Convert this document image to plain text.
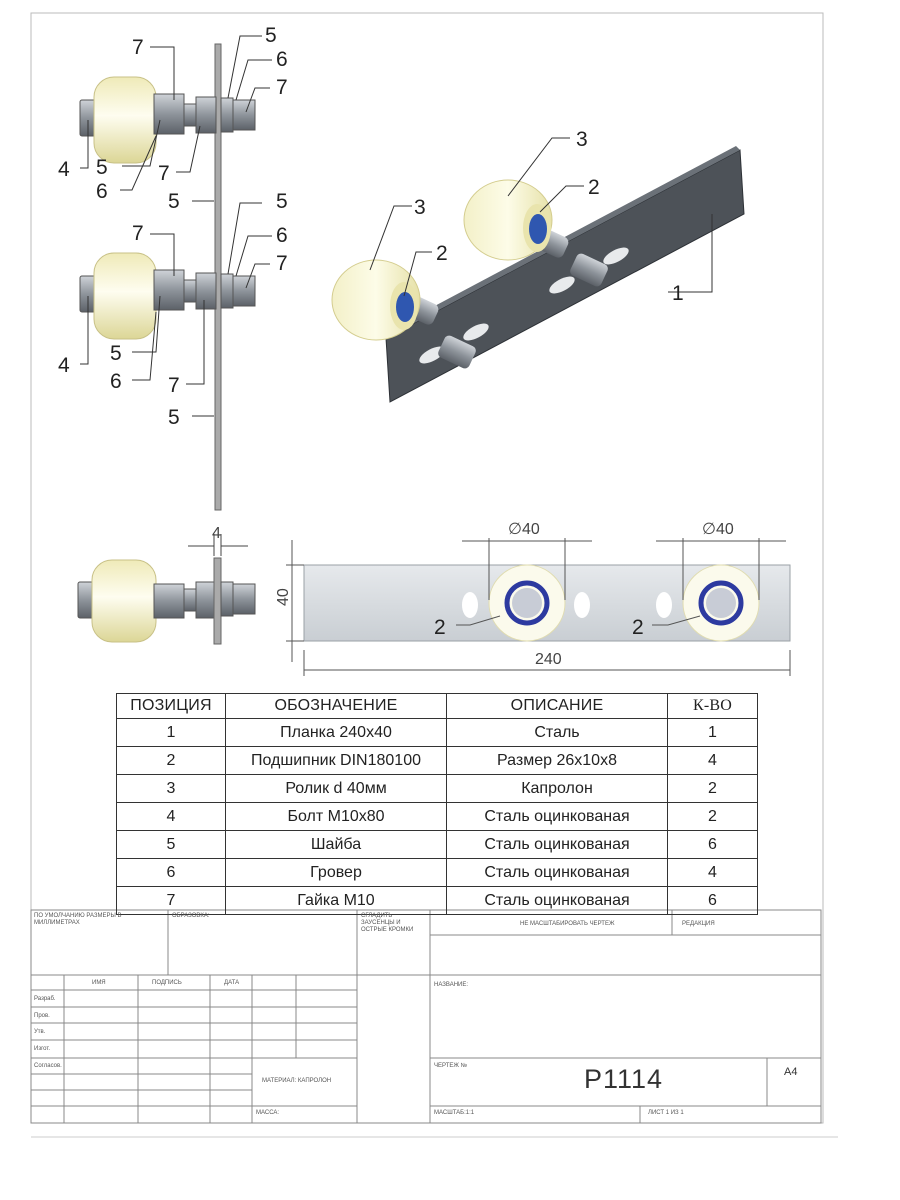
7
5
6
7
4 5
6
7
5
7
5
6
7
4
5
6 7
5
3
3
2
2
1
4	∅40	∅40
40
240
2	2
ПОЗИЦИЯ	ОБОЗНАЧЕНИЕ	ОПИСАНИЕ	К-ВО
1	Планка 240x40	Сталь	1
2	Подшипник DIN180100	Размер 26x10x8	4
3	Ролик d 40мм	Капролон	2
4	Болт М10x80	Сталь оцинкованая	2
5	Шайба	Сталь оцинкованая	6
6	Гровер	Сталь оцинкованая	4
7	Гайка М10	Сталь оцинкованая	6
ПО УМОЛЧАНИЮ РАЗМЕРЫ В МИЛЛИМЕТРАХ
ОБРАЗОВКА:	СГЛАДИТЬ ЗАУСЕНЦЫ И ОСТРЫЕ КРОМКИ
НЕ МАСШТАБИРОВАТЬ ЧЕРТЕЖ	РЕДАКЦИЯ
ИМЯ	ПОДПИСЬ	ДАТА
Разраб.
Пров.
Утв.
Изгот.
Согласов.
НАЗВАНИЕ:
МАТЕРИАЛ: КАПРОЛОН
ЧЕРТЕЖ №	P1114	A4
МАССА:	МАСШТАБ:1:1	ЛИСТ 1 ИЗ 1
